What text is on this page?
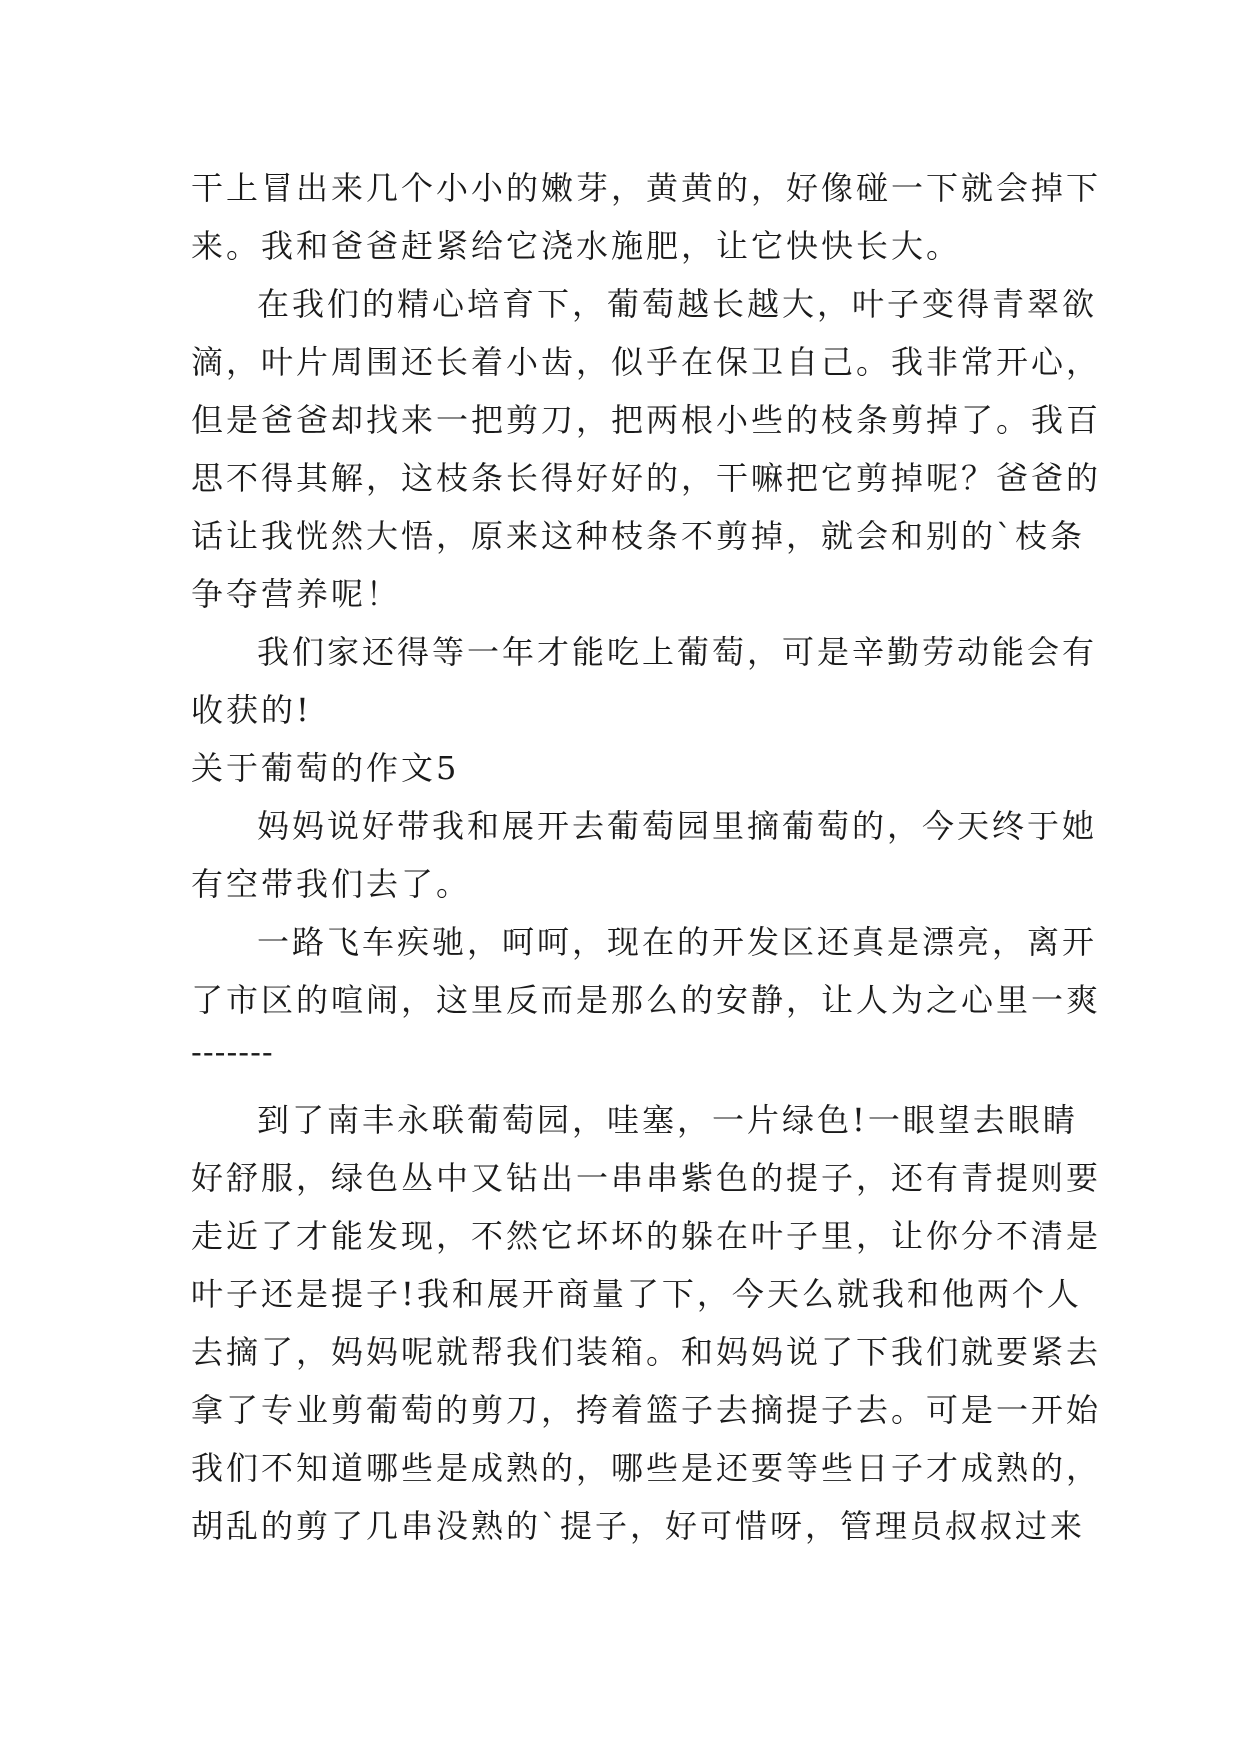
干上冒出来几个小小的嫩芽，黄黄的，好像碰一下就会掉下
来。我和爸爸赶紧给它浇水施肥，让它快快长大。
在我们的精心培育下，葡萄越长越大，叶子变得青翠欲
滴，叶片周围还长着小齿，似乎在保卫自己。我非常开心，
但是爸爸却找来一把剪刀，把两根小些的枝条剪掉了。我百
思不得其解，这枝条长得好好的，干嘛把它剪掉呢？爸爸的
话让我恍然大悟，原来这种枝条不剪掉，就会和别的`枝条
争夺营养呢！
我们家还得等一年才能吃上葡萄，可是辛勤劳动能会有
收获的!
关于葡萄的作文5
妈妈说好带我和展开去葡萄园里摘葡萄的，今天终于她
有空带我们去了。
一路飞车疾驰，呵呵，现在的开发区还真是漂亮，离开
了市区的喧闹，这里反而是那么的安静，让人为之心里一爽
-------
到了南丰永联葡萄园，哇塞，一片绿色!一眼望去眼睛
好舒服，绿色丛中又钻出一串串紫色的提子，还有青提则要
走近了才能发现，不然它坏坏的躲在叶子里，让你分不清是
叶子还是提子!我和展开商量了下，今天么就我和他两个人
去摘了，妈妈呢就帮我们装箱。和妈妈说了下我们就要紧去
拿了专业剪葡萄的剪刀，挎着篮子去摘提子去。可是一开始
我们不知道哪些是成熟的，哪些是还要等些日子才成熟的，
胡乱的剪了几串没熟的`提子，好可惜呀，管理员叔叔过来
